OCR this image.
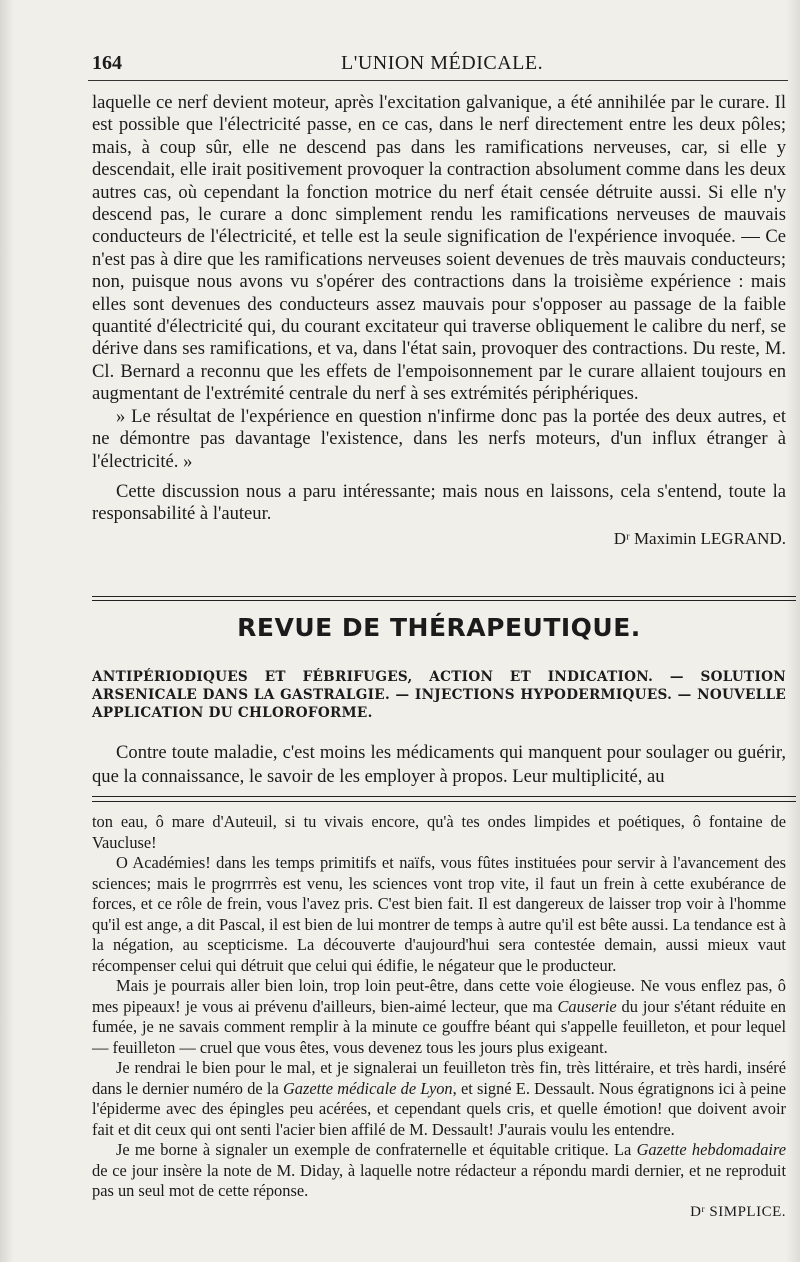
164	L'UNION MÉDICALE.

laquelle ce nerf devient moteur, après l'excitation galvanique, a été annihilée par le curare. Il est possible que l'électricité passe, en ce cas, dans le nerf directement entre les deux pôles; mais, à coup sûr, elle ne descend pas dans les ramifications nerveuses, car, si elle y descendait, elle irait positivement provoquer la contraction absolument comme dans les deux autres cas, où cependant la fonction motrice du nerf était censée détruite aussi. Si elle n'y descend pas, le curare a donc simplement rendu les ramifications nerveuses de mauvais conducteurs de l'électricité, et telle est la seule signification de l'expérience invoquée. — Ce n'est pas à dire que les ramifications nerveuses soient devenues de très mauvais conducteurs; non, puisque nous avons vu s'opérer des contractions dans la troisième expérience : mais elles sont devenues des conducteurs assez mauvais pour s'opposer au passage de la faible quantité d'électricité qui, du courant excitateur qui traverse obliquement le calibre du nerf, se dérive dans ses ramifications, et va, dans l'état sain, provoquer des contractions. Du reste, M. Cl. Bernard a reconnu que les effets de l'empoisonnement par le curare allaient toujours en augmentant de l'extrémité centrale du nerf à ses extrémités périphériques.

» Le résultat de l'expérience en question n'infirme donc pas la portée des deux autres, et ne démontre pas davantage l'existence, dans les nerfs moteurs, d'un influx étranger à l'électricité. »

Cette discussion nous a paru intéressante; mais nous en laissons, cela s'entend, toute la responsabilité à l'auteur.

Dʳ Maximin LEGRAND.

REVUE DE THÉRAPEUTIQUE.
ANTIPÉRIODIQUES ET FÉBRIFUGES, ACTION ET INDICATION. — SOLUTION ARSENICALE DANS LA GASTRALGIE. — INJECTIONS HYPODERMIQUES. — NOUVELLE APPLICATION DU CHLOROFORME.

Contre toute maladie, c'est moins les médicaments qui manquent pour soulager ou guérir, que la connaissance, le savoir de les employer à propos. Leur multiplicité, au

ton eau, ô mare d'Auteuil, si tu vivais encore, qu'à tes ondes limpides et poétiques, ô fontaine de Vaucluse!

O Académies! dans les temps primitifs et naïfs, vous fûtes instituées pour servir à l'avancement des sciences; mais le progrrrrès est venu, les sciences vont trop vite, il faut un frein à cette exubérance de forces, et ce rôle de frein, vous l'avez pris. C'est bien fait. Il est dangereux de laisser trop voir à l'homme qu'il est ange, a dit Pascal, il est bien de lui montrer de temps à autre qu'il est bête aussi. La tendance est à la négation, au scepticisme. La découverte d'aujourd'hui sera contestée demain, aussi mieux vaut récompenser celui qui détruit que celui qui édifie, le négateur que le producteur.

Mais je pourrais aller bien loin, trop loin peut-être, dans cette voie élogieuse. Ne vous enflez pas, ô mes pipeaux! je vous ai prévenu d'ailleurs, bien-aimé lecteur, que ma Causerie du jour s'étant réduite en fumée, je ne savais comment remplir à la minute ce gouffre béant qui s'appelle feuilleton, et pour lequel — feuilleton — cruel que vous êtes, vous devenez tous les jours plus exigeant.

Je rendrai le bien pour le mal, et je signalerai un feuilleton très fin, très littéraire, et très hardi, inséré dans le dernier numéro de la Gazette médicale de Lyon, et signé E. Dessault. Nous égratignons ici à peine l'épiderme avec des épingles peu acérées, et cependant quels cris, et quelle émotion! que doivent avoir fait et dit ceux qui ont senti l'acier bien affilé de M. Dessault! J'aurais voulu les entendre.

Je me borne à signaler un exemple de confraternelle et équitable critique. La Gazette hebdomadaire de ce jour insère la note de M. Diday, à laquelle notre rédacteur a répondu mardi dernier, et ne reproduit pas un seul mot de cette réponse.

Dʳ SIMPLICE.
